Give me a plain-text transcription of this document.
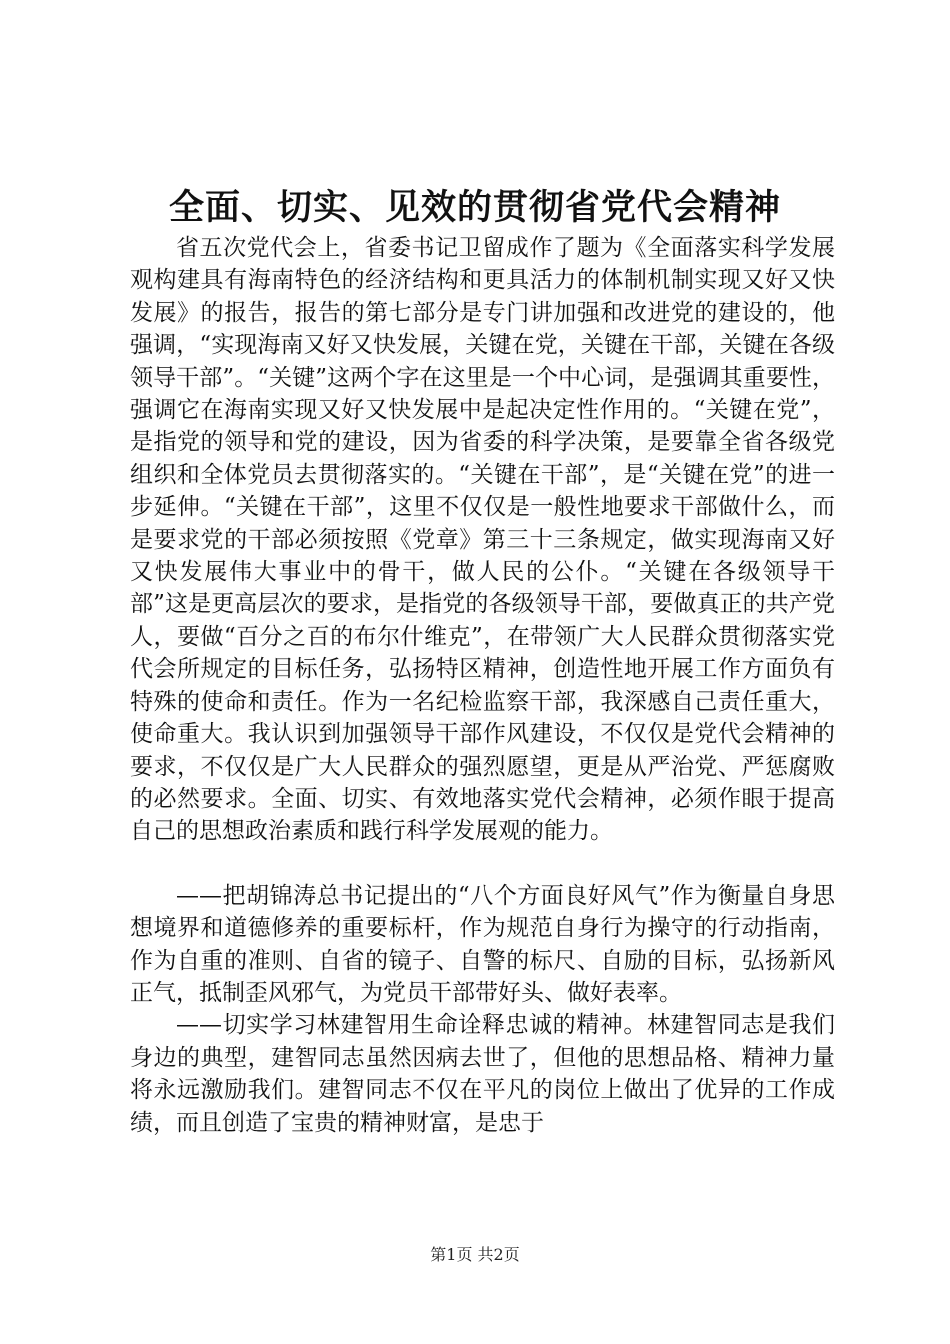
全面、切实、见效的贯彻省党代会精神

省五次党代会上，省委书记卫留成作了题为《全面落实科学发展观构建具有海南特色的经济结构和更具活力的体制机制实现又好又快发展》的报告，报告的第七部分是专门讲加强和改进党的建设的，他强调，“实现海南又好又快发展，关键在党，关键在干部，关键在各级领导干部”。“关键”这两个字在这里是一个中心词，是强调其重要性，强调它在海南实现又好又快发展中是起决定性作用的。“关键在党”，是指党的领导和党的建设，因为省委的科学决策，是要靠全省各级党组织和全体党员去贯彻落实的。“关键在干部”，是“关键在党”的进一步延伸。“关键在干部”，这里不仅仅是一般性地要求干部做什么，而是要求党的干部必须按照《党章》第三十三条规定，做实现海南又好又快发展伟大事业中的骨干，做人民的公仆。“关键在各级领导干部”这是更高层次的要求，是指党的各级领导干部，要做真正的共产党人，要做“百分之百的布尔什维克”，在带领广大人民群众贯彻落实党代会所规定的目标任务，弘扬特区精神，创造性地开展工作方面负有特殊的使命和责任。作为一名纪检监察干部，我深感自己责任重大，使命重大。我认识到加强领导干部作风建设，不仅仅是党代会精神的要求，不仅仅是广大人民群众的强烈愿望，更是从严治党、严惩腐败的必然要求。全面、切实、有效地落实党代会精神，必须作眼于提高自己的思想政治素质和践行科学发展观的能力。

——把胡锦涛总书记提出的“八个方面良好风气”作为衡量自身思想境界和道德修养的重要标杆，作为规范自身行为操守的行动指南，作为自重的准则、自省的镜子、自警的标尺、自励的目标，弘扬新风正气，抵制歪风邪气，为党员干部带好头、做好表率。

——切实学习林建智用生命诠释忠诚的精神。林建智同志是我们身边的典型，建智同志虽然因病去世了，但他的思想品格、精神力量将永远激励我们。建智同志不仅在平凡的岗位上做出了优异的工作成绩，而且创造了宝贵的精神财富，是忠于

第1页 共2页
